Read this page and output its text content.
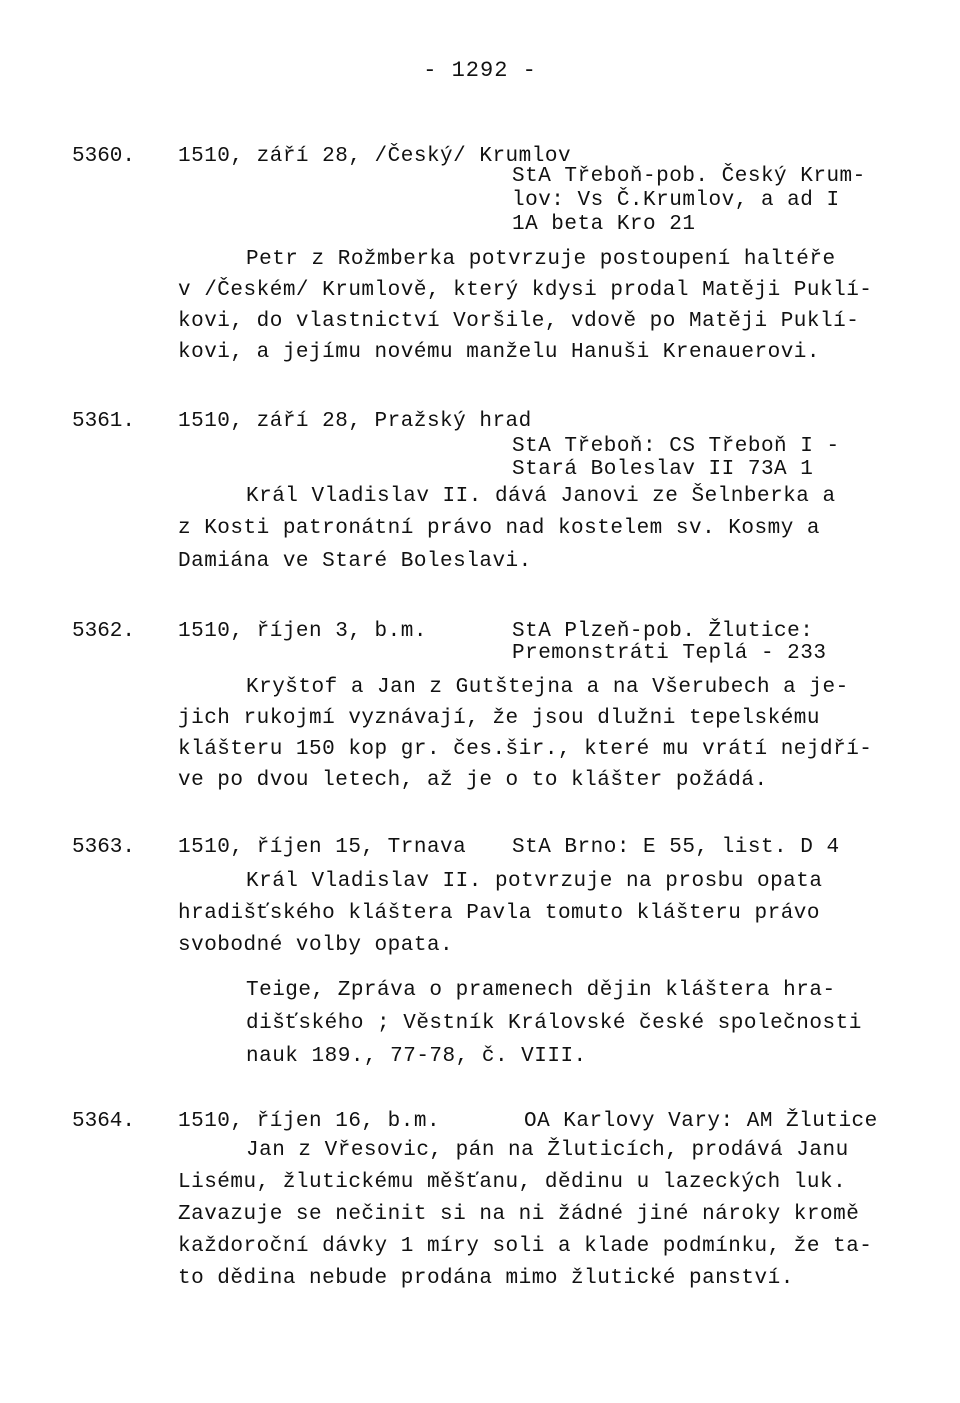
- 1292 -
5360. 1510, září 28, /Český/ Krumlov
StA Třeboň-pob. Český Krum-
lov: Vs Č.Krumlov, a ad I
1A beta Kro 21
Petr z Rožmberka potvrzuje postoupení haltéře
v /Českém/ Krumlově, který kdysi prodal Matěji Puklí-
kovi, do vlastnictví Voršile, vdově po Matěji Puklí-
kovi, a jejímu novému manželu Hanuši Krenauerovi.
5361. 1510, září 28, Pražský hrad
StA Třeboň: CS Třeboň I -
Stará Boleslav II 73A 1
Král Vladislav II. dává Janovi ze Šelnberka a
z Kosti patronátní právo nad kostelem sv. Kosmy a
Damiána ve Staré Boleslavi.
5362. 1510, říjen 3, b.m.	StA Plzeň-pob. Žlutice:
Premonstráti Teplá - 233
Kryštof a Jan z Gutštejna a na Všerubech a je-
jich rukojmí vyznávají, že jsou dlužni tepelskému
klášteru 150 kop gr. čes.šir., které mu vrátí nejdří-
ve po dvou letech, až je o to klášter požádá.
5363. 1510, říjen 15, Trnava StA Brno: E 55, list. D 4
Král Vladislav II. potvrzuje na prosbu opata
hradišťského kláštera Pavla tomuto klášteru právo
svobodné volby opata.
Teige, Zpráva o pramenech dějin kláštera hra-
dišťského ; Věstník Královské české společnosti
nauk 189., 77-78, č. VIII.
5364. 1510, říjen 16, b.m.	OA Karlovy Vary: AM Žlutice
Jan z Vřesovic, pán na Žluticích, prodává Janu
Lisému, žlutickému měšťanu, dědinu u lazeckých luk.
Zavazuje se nečinit si na ni žádné jiné nároky kromě
každoroční dávky 1 míry soli a klade podmínku, že ta-
to dědina nebude prodána mimo žlutické panství.
